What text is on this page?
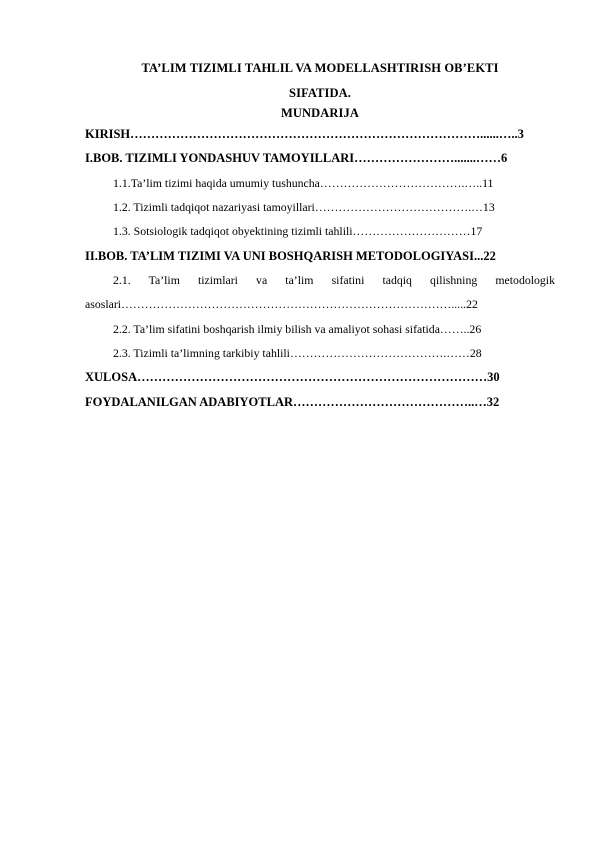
TA’LIM TIZIMLI TAHLIL VA MODELLASHTIRISH OB’EKTI
SIFATIDA.
MUNDARIJA
KIRISH…………………………………………………………………………......…..3
I.BOB. TIZIMLI YONDASHUV TAMOYILLARI…………………….......……6
1.1.Ta’lim tizimi haqida umumiy tushuncha……………………………….…..11
1.2. Tizimli tadqiqot nazariyasi tamoyillari………………………………….…13
1.3. Sotsiologik tadqiqot obyektining tizimli tahlili…………………………17
II.BOB. TA’LIM TIZIMI VA UNI BOSHQARISH METODOLOGIYASI...22
2.1. Ta’lim tizimlari va ta’lim sifatini tadqiq qilishning metodologik
asoslari………………………………………………………………………….....22
2.2. Ta’lim sifatini boshqarish ilmiy bilish va amaliyot sohasi sifatida……..26
2.3. Tizimli ta’limning tarkibiy tahlili………………………………….……28
XULOSA…………………………………………………………………………30
FOYDALANILGAN ADABIYOTLAR……………………………………..…32
